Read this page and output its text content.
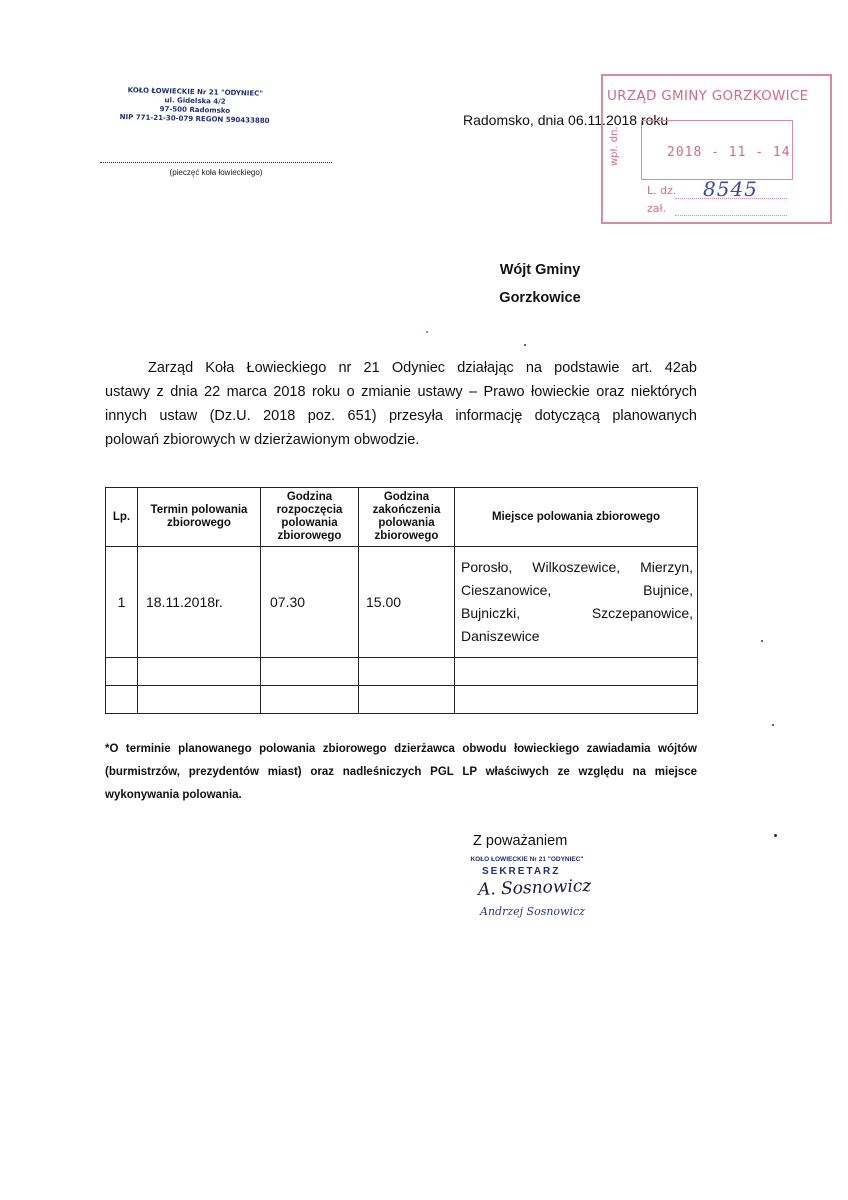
KOŁO ŁOWIECKIE Nr 21 "ODYNIEC"
ul. Gidelska 4/2
97-500 Radomsko
NIP 771-21-30-079 REGON 590433880
(pieczęć koła łowieckiego)
Radomsko, dnia 06.11.2018 roku
URZĄD GMINY GORZKOWICE
wpł. dn.	2018 - 11 - 14
L. dz. 8545
zał.
Wójt Gminy
Gorzkowice
Zarząd Koła Łowieckiego nr 21 Odyniec działając na podstawie art. 42ab
ustawy z dnia 22 marca 2018 roku o zmianie ustawy – Prawo łowieckie oraz niektórych
innych ustaw (Dz.U. 2018 poz. 651) przesyła informację dotyczącą planowanych
polowań zbiorowych w dzierżawionym obwodzie.
Lp.	Termin polowania zbiorowego	Godzina rozpoczęcia polowania zbiorowego	Godzina zakończenia polowania zbiorowego	Miejsce polowania zbiorowego
1	18.11.2018r.	07.30	15.00	Porosło, Wilkoszewice, Mierzyn,
Cieszanowice, Bujnice,
Bujniczki, Szczepanowice,
Daniszewice

*O terminie planowanego polowania zbiorowego dzierżawca obwodu łowieckiego zawiadamia wójtów
(burmistrzów, prezydentów miast) oraz nadleśniczych PGL LP właściwych ze względu na miejsce
wykonywania polowania.
Z poważaniem
KOŁO ŁOWIECKIE Nr 21 "ODYNIEC"
SEKRETARZ
A. Sosnowicz
Andrzej Sosnowicz
